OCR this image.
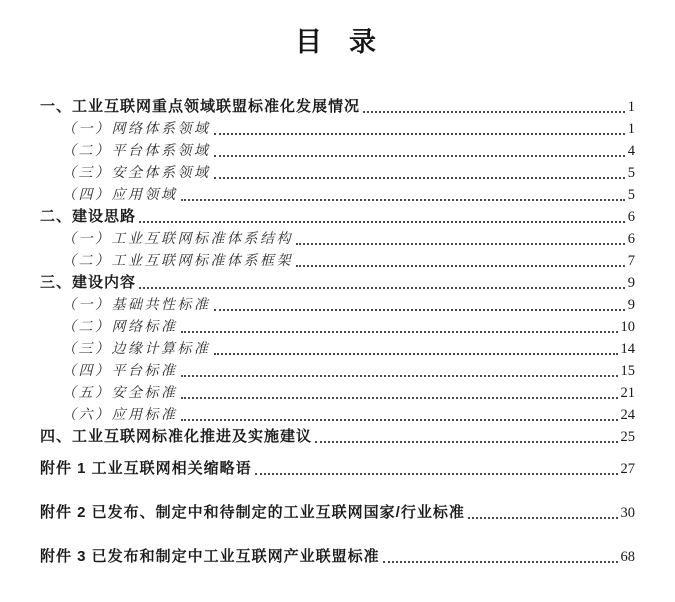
目  录
一、工业互联网重点领域联盟标准化发展情况	1
（一）网络体系领域	1
（二）平台体系领域	4
（三）安全体系领域	5
（四）应用领域	5
二、建设思路	6
（一）工业互联网标准体系结构	6
（二）工业互联网标准体系框架	7
三、建设内容	9
（一）基础共性标准	9
（二）网络标准	10
（三）边缘计算标准	14
（四）平台标准	15
（五）安全标准	21
（六）应用标准	24
四、工业互联网标准化推进及实施建议	25
附件 1 工业互联网相关缩略语	27
附件 2 已发布、制定中和待制定的工业互联网国家/行业标准	30
附件 3 已发布和制定中工业互联网产业联盟标准	68
